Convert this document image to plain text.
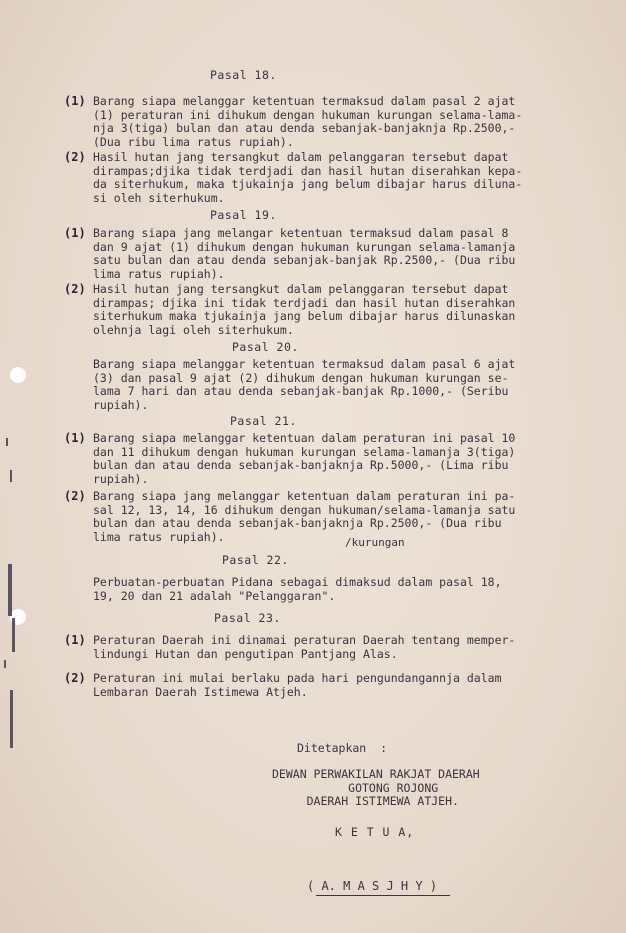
Pasal 18.
(1) Barang siapa melanggar ketentuan termaksud dalam pasal 2 ajat
(1) peraturan ini dihukum dengan hukuman kurungan selama-lama-
nja 3(tiga) bulan dan atau denda sebanjak-banjaknja Rp.2500,-
(Dua ribu lima ratus rupiah).
(2) Hasil hutan jang tersangkut dalam pelanggaran tersebut dapat
dirampas;djika tidak terdjadi dan hasil hutan diserahkan kepa-
da siterhukum, maka tjukainja jang belum dibajar harus diluna-
si oleh siterhukum.
Pasal 19.
(1) Barang siapa jang melangar ketentuan termaksud dalam pasal 8
dan 9 ajat (1) dihukum dengan hukuman kurungan selama-lamanja
satu bulan dan atau denda sebanjak-banjak Rp.2500,- (Dua ribu
lima ratus rupiah).
(2) Hasil hutan jang tersangkut dalam pelanggaran tersebut dapat
dirampas; djika ini tidak terdjadi dan hasil hutan diserahkan
siterhukum maka tjukainja jang belum dibajar harus dilunaskan
olehnja lagi oleh siterhukum.
Pasal 20.
Barang siapa melanggar ketentuan termaksud dalam pasal 6 ajat
(3) dan pasal 9 ajat (2) dihukum dengan hukuman kurungan se-
lama 7 hari dan atau denda sebanjak-banjak Rp.1000,- (Seribu
rupiah).
Pasal 21.
(1) Barang siapa melanggar ketentuan dalam peraturan ini pasal 10
dan 11 dihukum dengan hukuman kurungan selama-lamanja 3(tiga)
bulan dan atau denda sebanjak-banjaknja Rp.5000,- (Lima ribu
rupiah).
(2) Barang siapa jang melanggar ketentuan dalam peraturan ini pa-
sal 12, 13, 14, 16 dihukum dengan hukuman/selama-lamanja satu
bulan dan atau denda sebanjak-banjaknja Rp.2500,- (Dua ribu
lima ratus rupiah).	/kurungan
Pasal 22.
Perbuatan-perbuatan Pidana sebagai dimaksud dalam pasal 18,
19, 20 dan 21 adalah "Pelanggaran".
Pasal 23.
(1) Peraturan Daerah ini dinamai peraturan Daerah tentang memper-
lindungi Hutan dan pengutipan Pantjang Alas.
(2) Peraturan ini mulai berlaku pada hari pengundangannja dalam
Lembaran Daerah Istimewa Atjeh.
Ditetapkan  :
DEWAN PERWAKILAN RAKJAT DAERAH
GOTONG ROJONG
DAERAH ISTIMEWA ATJEH.
K E T U A,
( A. M A S J H Y )
